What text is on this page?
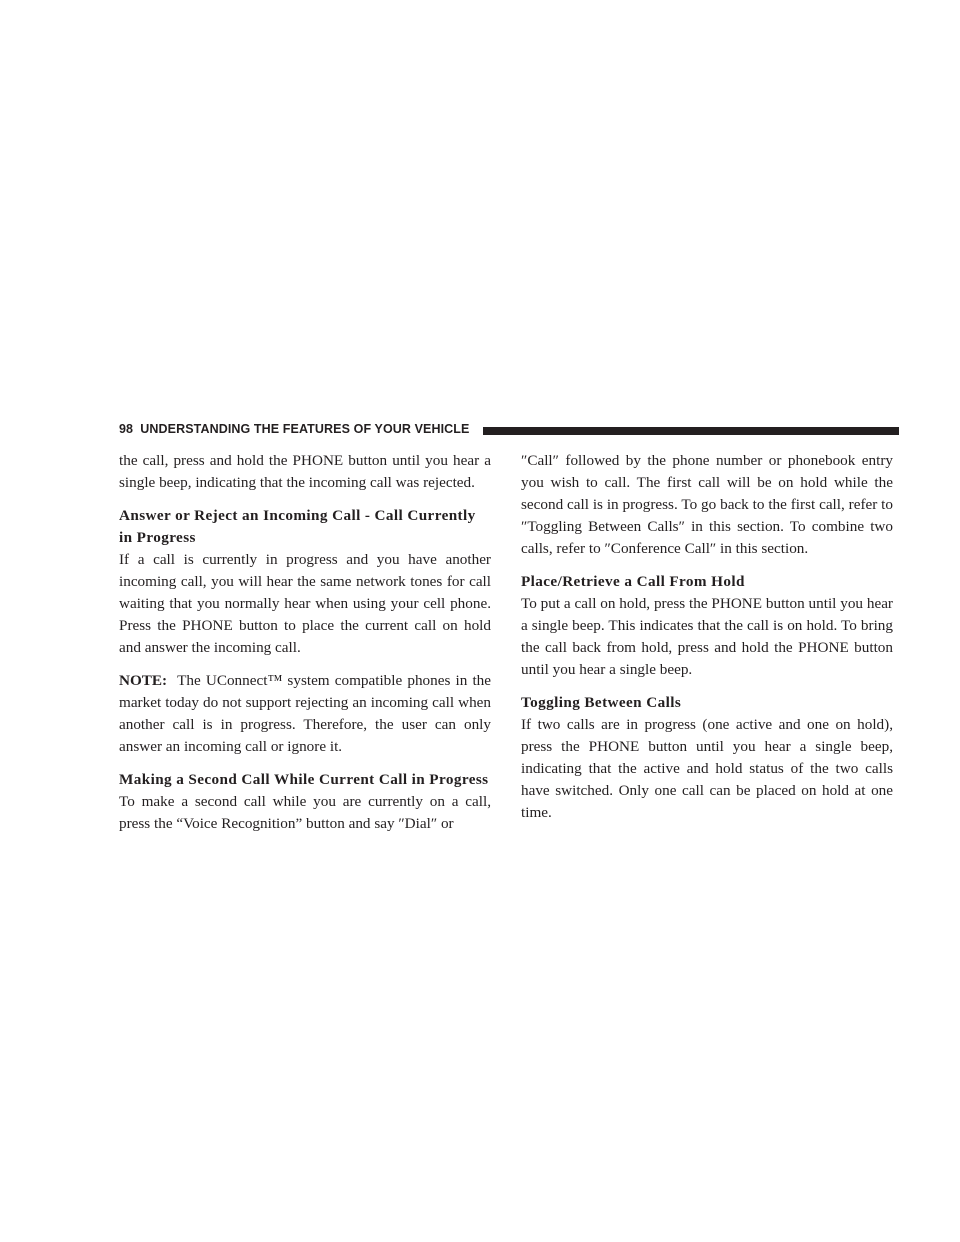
98 UNDERSTANDING THE FEATURES OF YOUR VEHICLE

the call, press and hold the PHONE button until you hear a single beep, indicating that the incoming call was rejected.

Answer or Reject an Incoming Call - Call Currently in Progress

If a call is currently in progress and you have another incoming call, you will hear the same network tones for call waiting that you normally hear when using your cell phone. Press the PHONE button to place the current call on hold and answer the incoming call.

NOTE: The UConnect™ system compatible phones in the market today do not support rejecting an incoming call when another call is in progress. Therefore, the user can only answer an incoming call or ignore it.

Making a Second Call While Current Call in Progress

To make a second call while you are currently on a call, press the “Voice Recognition” button and say ″Dial″ or

″Call″ followed by the phone number or phonebook entry you wish to call. The first call will be on hold while the second call is in progress. To go back to the first call, refer to ″Toggling Between Calls″ in this section. To combine two calls, refer to ″Conference Call″ in this section.

Place/Retrieve a Call From Hold

To put a call on hold, press the PHONE button until you hear a single beep. This indicates that the call is on hold. To bring the call back from hold, press and hold the PHONE button until you hear a single beep.

Toggling Between Calls

If two calls are in progress (one active and one on hold), press the PHONE button until you hear a single beep, indicating that the active and hold status of the two calls have switched. Only one call can be placed on hold at one time.
